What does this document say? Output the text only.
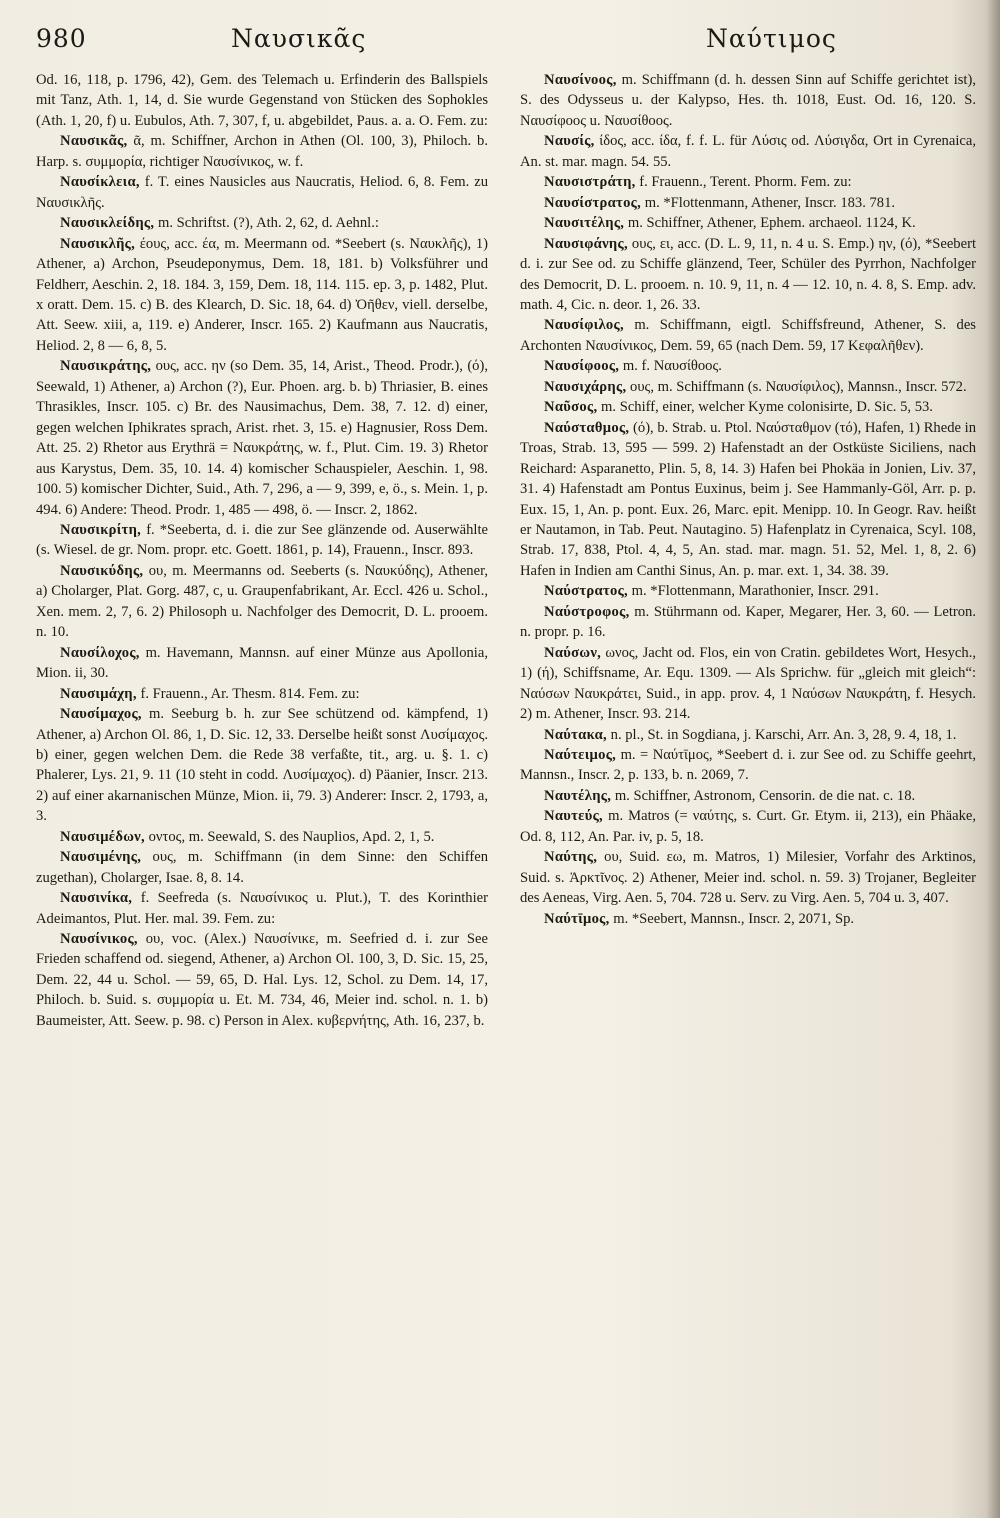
980	Ναυσικᾶς	Ναύτιμος

Od. 16, 118, p. 1796, 42), Gem. des Telemach u. Erfinderin des Ballspiels mit Tanz, Ath. 1, 14, d. Sie wurde Gegenstand von Stücken des Sophokles (Ath. 1, 20, f) u. Eubulos, Ath. 7, 307, f, u. abgebildet, Paus. a. a. O. Fem. zu:

Ναυσικᾶς, ᾶ, m. Schiffner, Archon in Athen (Ol. 100, 3), Philoch. b. Harp. s. συμμορία, richtiger Ναυσίνικος, w. f.

Ναυσίκλεια, f. T. eines Nausicles aus Naucratis, Heliod. 6, 8. Fem. zu Ναυσικλῆς.

Ναυσικλείδης, m. Schriftst. (?), Ath. 2, 62, d. Aehnl.:

Ναυσικλῆς, έους, acc. έα, m. Meermann od. *Seebert (s. Ναυκλῆς), 1) Athener, a) Archon, Pseudeponymus, Dem. 18, 181. b) Volksführer und Feldherr, Aeschin. 2, 18. 184. 3, 159, Dem. 18, 114. 115. ep. 3, p. 1482, Plut. x oratt. Dem. 15. c) B. des Klearch, D. Sic. 18, 64. d) Ὀῆθεν, viell. derselbe, Att. Seew. xiii, a, 119. e) Anderer, Inscr. 165. 2) Kaufmann aus Naucratis, Heliod. 2, 8 — 6, 8, 5.

Ναυσικράτης, ους, acc. ην (so Dem. 35, 14, Arist., Theod. Prodr.), (ό), Seewald, 1) Athener, a) Archon (?), Eur. Phoen. arg. b. b) Thriasier, B. eines Thrasikles, Inscr. 105. c) Br. des Nausimachus, Dem. 38, 7. 12. d) einer, gegen welchen Iphikrates sprach, Arist. rhet. 3, 15. e) Hagnusier, Ross Dem. Att. 25. 2) Rhetor aus Erythrä = Ναυκράτης, w. f., Plut. Cim. 19. 3) Rhetor aus Karystus, Dem. 35, 10. 14. 4) komischer Schauspieler, Aeschin. 1, 98. 100. 5) komischer Dichter, Suid., Ath. 7, 296, a — 9, 399, e, ö., s. Mein. 1, p. 494. 6) Andere: Theod. Prodr. 1, 485 — 498, ö. — Inscr. 2, 1862.

Ναυσικρίτη, f. *Seeberta, d. i. die zur See glänzende od. Auserwählte (s. Wiesel. de gr. Nom. propr. etc. Goett. 1861, p. 14), Frauenn., Inscr. 893.

Ναυσικύδης, ου, m. Meermanns od. Seeberts (s. Ναυκύδης), Athener, a) Cholarger, Plat. Gorg. 487, c, u. Graupenfabrikant, Ar. Eccl. 426 u. Schol., Xen. mem. 2, 7, 6. 2) Philosoph u. Nachfolger des Democrit, D. L. prooem. n. 10.

Ναυσίλοχος, m. Havemann, Mannsn. auf einer Münze aus Apollonia, Mion. ii, 30.

Ναυσιμάχη, f. Frauenn., Ar. Thesm. 814. Fem. zu:

Ναυσίμαχος, m. Seeburg b. h. zur See schützend od. kämpfend, 1) Athener, a) Archon Ol. 86, 1, D. Sic. 12, 33. Derselbe heißt sonst Λυσίμαχος. b) einer, gegen welchen Dem. die Rede 38 verfaßte, tit., arg. u. §. 1. c) Phalerer, Lys. 21, 9. 11 (10 steht in codd. Λυσίμαχος). d) Päanier, Inscr. 213. 2) auf einer akarnanischen Münze, Mion. ii, 79. 3) Anderer: Inscr. 2, 1793, a, 3.

Ναυσιμέδων, οντος, m. Seewald, S. des Nauplios, Apd. 2, 1, 5.

Ναυσιμένης, ους, m. Schiffmann (in dem Sinne: den Schiffen zugethan), Cholarger, Isae. 8, 8. 14.

Ναυσινίκα, f. Seefreda (s. Ναυσίνικος u. Plut.), T. des Korinthier Adeimantos, Plut. Her. mal. 39. Fem. zu:

Ναυσίνικος, ου, voc. (Alex.) Ναυσίνικε, m. Seefried d. i. zur See Frieden schaffend od. siegend, Athener, a) Archon Ol. 100, 3, D. Sic. 15, 25, Dem. 22, 44 u. Schol. — 59, 65, D. Hal. Lys. 12, Schol. zu Dem. 14, 17, Philoch. b. Suid. s. συμμορία u. Et. M. 734, 46, Meier ind. schol. n. 1. b) Baumeister, Att. Seew. p. 98. c) Person in Alex. κυβερνήτης, Ath. 16, 237, b.

Ναυσίνοος, m. Schiffmann (d. h. dessen Sinn auf Schiffe gerichtet ist), S. des Odysseus u. der Kalypso, Hes. th. 1018, Eust. Od. 16, 120. S. Ναυσίφοος u. Ναυσίθοος.

Ναυσίς, ίδος, acc. ίδα, f. f. L. für Λύσις od. Λύσιγδα, Ort in Cyrenaica, An. st. mar. magn. 54. 55.

Ναυσιστράτη, f. Frauenn., Terent. Phorm. Fem. zu:

Ναυσίστρατος, m. *Flottenmann, Athener, Inscr. 183. 781.

Ναυσιτέλης, m. Schiffner, Athener, Ephem. archaeol. 1124, K.

Ναυσιφάνης, ους, ει, acc. (D. L. 9, 11, n. 4 u. S. Emp.) ην, (ό), *Seebert d. i. zur See od. zu Schiffe glänzend, Teer, Schüler des Pyrrhon, Nachfolger des Democrit, D. L. prooem. n. 10. 9, 11, n. 4 — 12. 10, n. 4. 8, S. Emp. adv. math. 4, Cic. n. deor. 1, 26. 33.

Ναυσίφιλος, m. Schiffmann, eigtl. Schiffsfreund, Athener, S. des Archonten Ναυσίνικος, Dem. 59, 65 (nach Dem. 59, 17 Κεφαλῆθεν).

Ναυσίφοος, m. f. Ναυσίθοος.

Ναυσιχάρης, ους, m. Schiffmann (s. Ναυσίφιλος), Mannsn., Inscr. 572.

Ναῦσος, m. Schiff, einer, welcher Kyme colonisirte, D. Sic. 5, 53.

Ναύσταθμος, (ό), b. Strab. u. Ptol. Ναύσταθμον (τό), Hafen, 1) Rhede in Troas, Strab. 13, 595 — 599. 2) Hafenstadt an der Ostküste Siciliens, nach Reichard: Asparanetto, Plin. 5, 8, 14. 3) Hafen bei Phokäa in Jonien, Liv. 37, 31. 4) Hafenstadt am Pontus Euxinus, beim j. See Hammanly-Göl, Arr. p. p. Eux. 15, 1, An. p. pont. Eux. 26, Marc. epit. Menipp. 10. In Geogr. Rav. heißt er Nautamon, in Tab. Peut. Nautagino. 5) Hafenplatz in Cyrenaica, Scyl. 108, Strab. 17, 838, Ptol. 4, 4, 5, An. stad. mar. magn. 51. 52, Mel. 1, 8, 2. 6) Hafen in Indien am Canthi Sinus, An. p. mar. ext. 1, 34. 38. 39.

Ναύστρατος, m. *Flottenmann, Marathonier, Inscr. 291.

Ναύστροφος, m. Stührmann od. Kaper, Megarer, Her. 3, 60. — Letron. n. propr. p. 16.

Ναύσων, ωνος, Jacht od. Flos, ein von Cratin. gebildetes Wort, Hesych., 1) (ή), Schiffsname, Ar. Equ. 1309. — Als Sprichw. für „gleich mit gleich“: Ναύσων Ναυκράτει, Suid., in app. prov. 4, 1 Ναύσων Ναυκράτη, f. Hesych. 2) m. Athener, Inscr. 93. 214.

Ναύτακα, n. pl., St. in Sogdiana, j. Karschi, Arr. An. 3, 28, 9. 4, 18, 1.

Ναύτειμος, m. = Ναύτῑμος, *Seebert d. i. zur See od. zu Schiffe geehrt, Mannsn., Inscr. 2, p. 133, b. n. 2069, 7.

Ναυτέλης, m. Schiffner, Astronom, Censorin. de die nat. c. 18.

Ναυτεύς, m. Matros (= ναύτης, s. Curt. Gr. Etym. ii, 213), ein Phäake, Od. 8, 112, An. Par. iv, p. 5, 18.

Ναύτης, ου, Suid. εω, m. Matros, 1) Milesier, Vorfahr des Arktinos, Suid. s. Ἀρκτῖνος. 2) Athener, Meier ind. schol. n. 59. 3) Trojaner, Begleiter des Aeneas, Virg. Aen. 5, 704. 728 u. Serv. zu Virg. Aen. 5, 704 u. 3, 407.

Ναύτῑμος, m. *Seebert, Mannsn., Inscr. 2, 2071, Sp.
